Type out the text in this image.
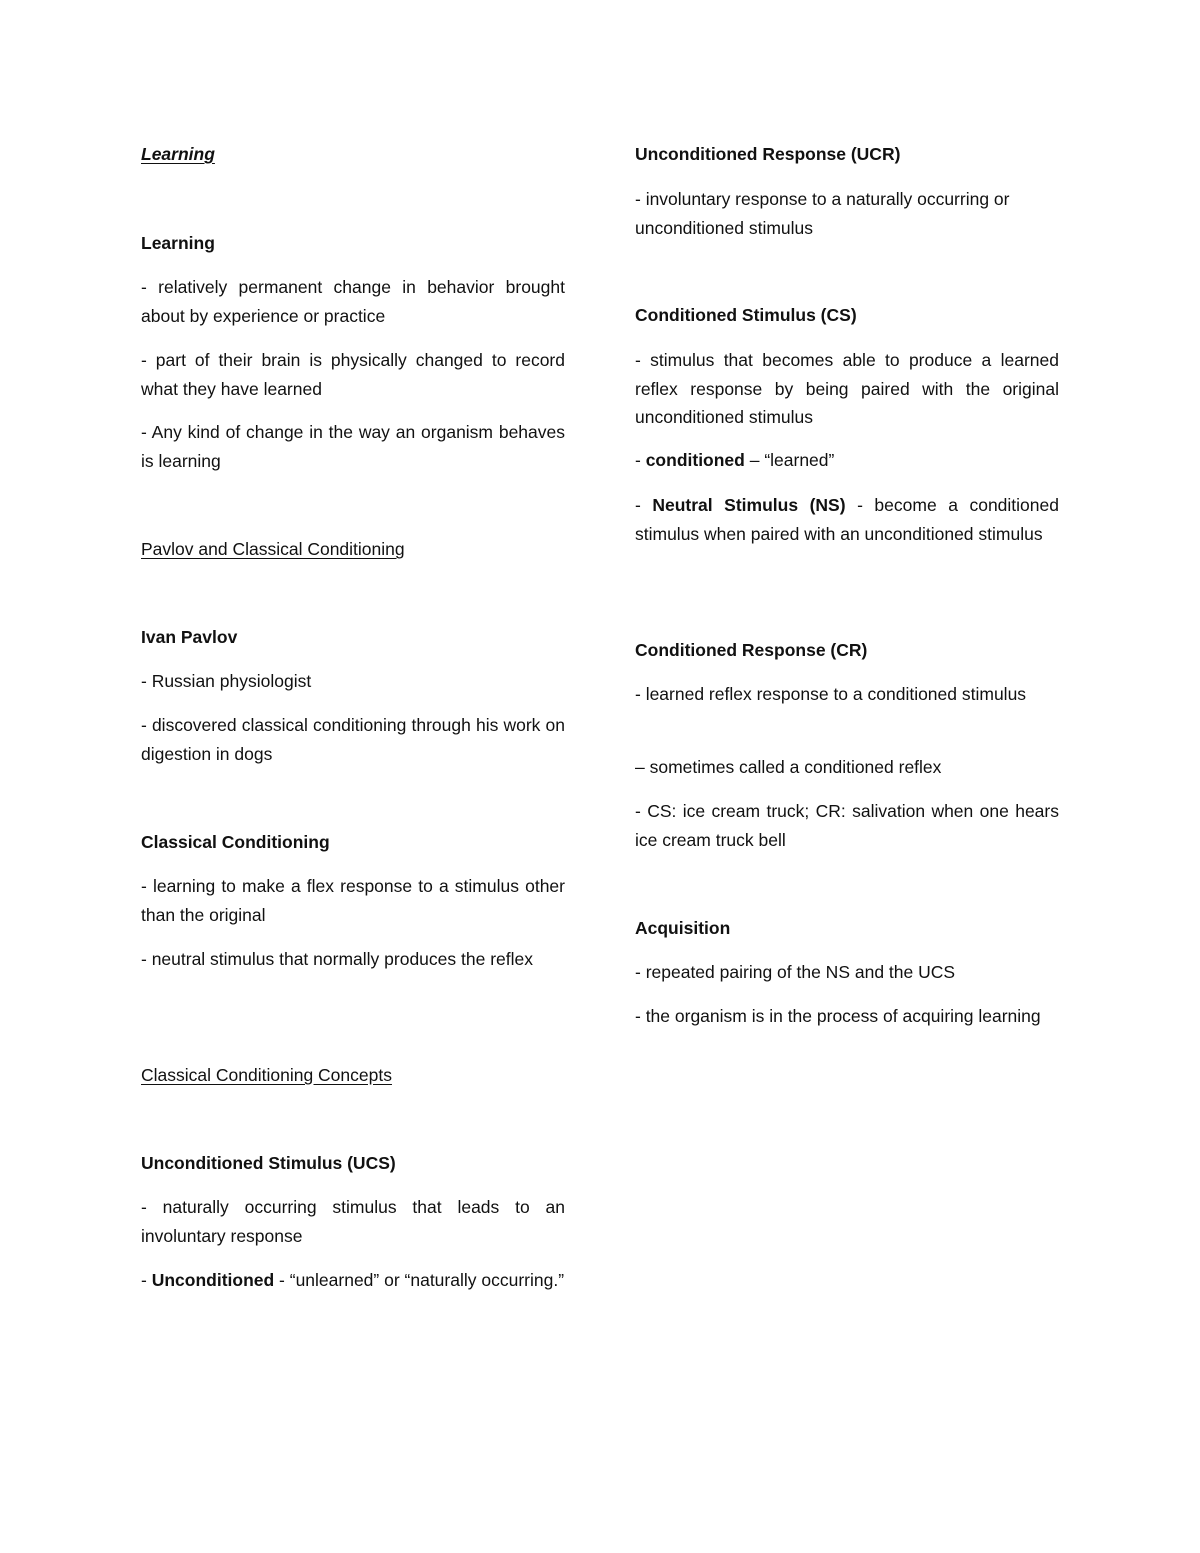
Learning

Learning

- relatively permanent change in behavior brought about by experience or practice

- part of their brain is physically changed to record what they have learned

- Any kind of change in the way an organism behaves is learning

Pavlov and Classical Conditioning

Ivan Pavlov

- Russian physiologist

- discovered classical conditioning through his work on digestion in dogs

Classical Conditioning

- learning to make a flex response to a stimulus other than the original

- neutral stimulus that normally produces the reflex

Classical Conditioning Concepts

Unconditioned Stimulus (UCS)

- naturally occurring stimulus that leads to an involuntary response

- Unconditioned - “unlearned” or “naturally occurring.”

Unconditioned Response (UCR)

- involuntary response to a naturally occurring or unconditioned stimulus

Conditioned Stimulus (CS)

- stimulus that becomes able to produce a learned reflex response by being paired with the original unconditioned stimulus

- conditioned – “learned”

- Neutral Stimulus (NS) - become a conditioned stimulus when paired with an unconditioned stimulus

Conditioned Response (CR)

- learned reflex response to a conditioned stimulus

– sometimes called a conditioned reflex

- CS: ice cream truck; CR: salivation when one hears ice cream truck bell

Acquisition

- repeated pairing of the NS and the UCS

- the organism is in the process of acquiring learning
